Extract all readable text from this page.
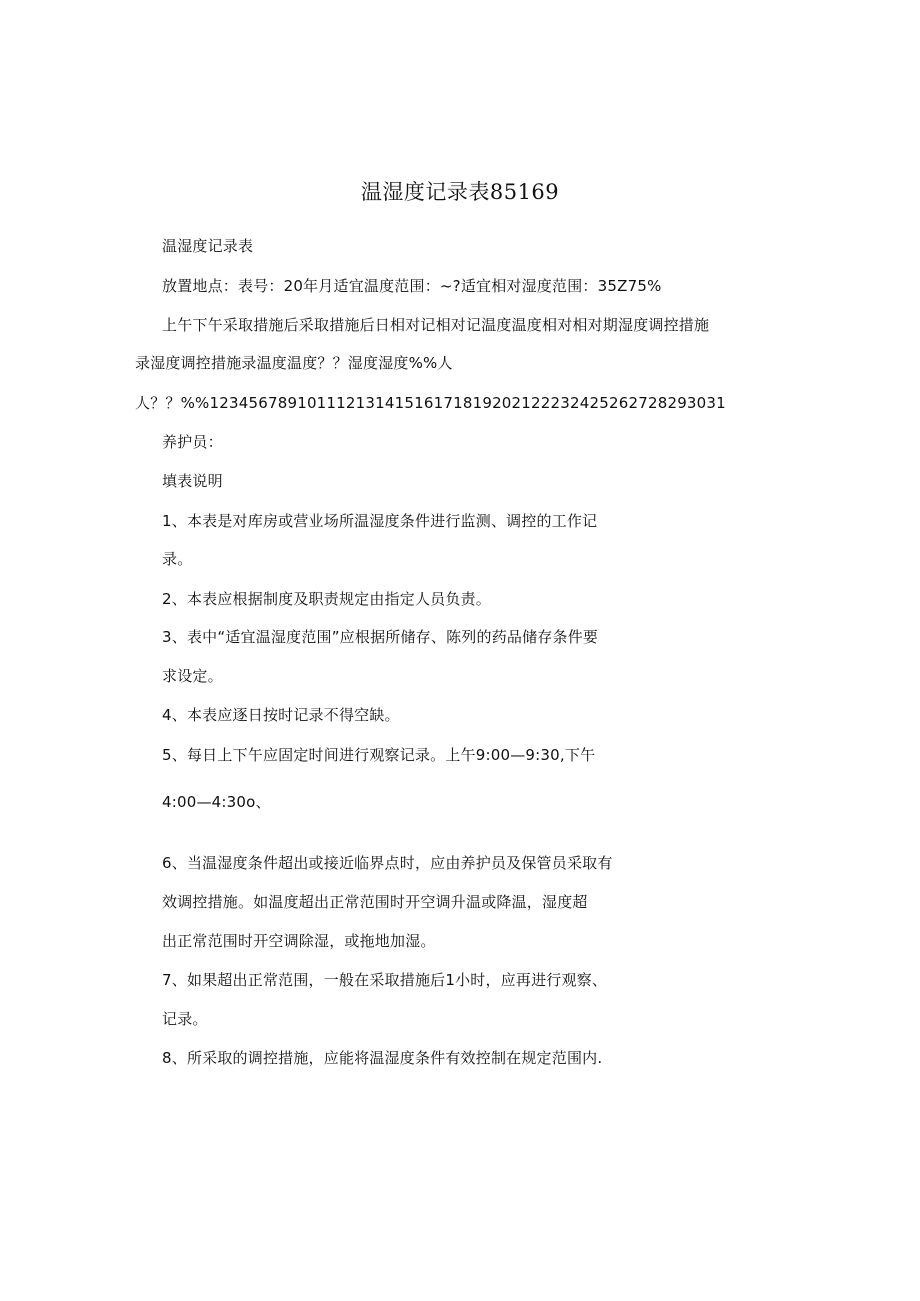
温湿度记录表85169
温湿度记录表
放置地点：表号：20年月适宜温度范围：~?适宜相对湿度范围：35Z75%
上午下午采取措施后采取措施后日相对记相对记温度温度相对相对期湿度调控措施
录湿度调控措施录温度温度？？湿度湿度%%人
人？？%%12345678910111213141516171819202122232425262728293031
养护员：
填表说明
1、本表是对库房或营业场所温湿度条件进行监测、调控的工作记
录。
2、本表应根据制度及职责规定由指定人员负责。
3、表中“适宜温湿度范围”应根据所储存、陈列的药品储存条件要
求设定。
4、本表应逐日按时记录不得空缺。
5、每日上下午应固定时间进行观察记录。上午9:00—9:30,下午
4:00—4:30o、
6、当温湿度条件超出或接近临界点时，应由养护员及保管员采取有
效调控措施。如温度超出正常范围时开空调升温或降温，湿度超
出正常范围时开空调除湿，或拖地加湿。
7、如果超出正常范围，一般在采取措施后1小时，应再进行观察、
记录。
8、所采取的调控措施，应能将温湿度条件有效控制在规定范围内.
